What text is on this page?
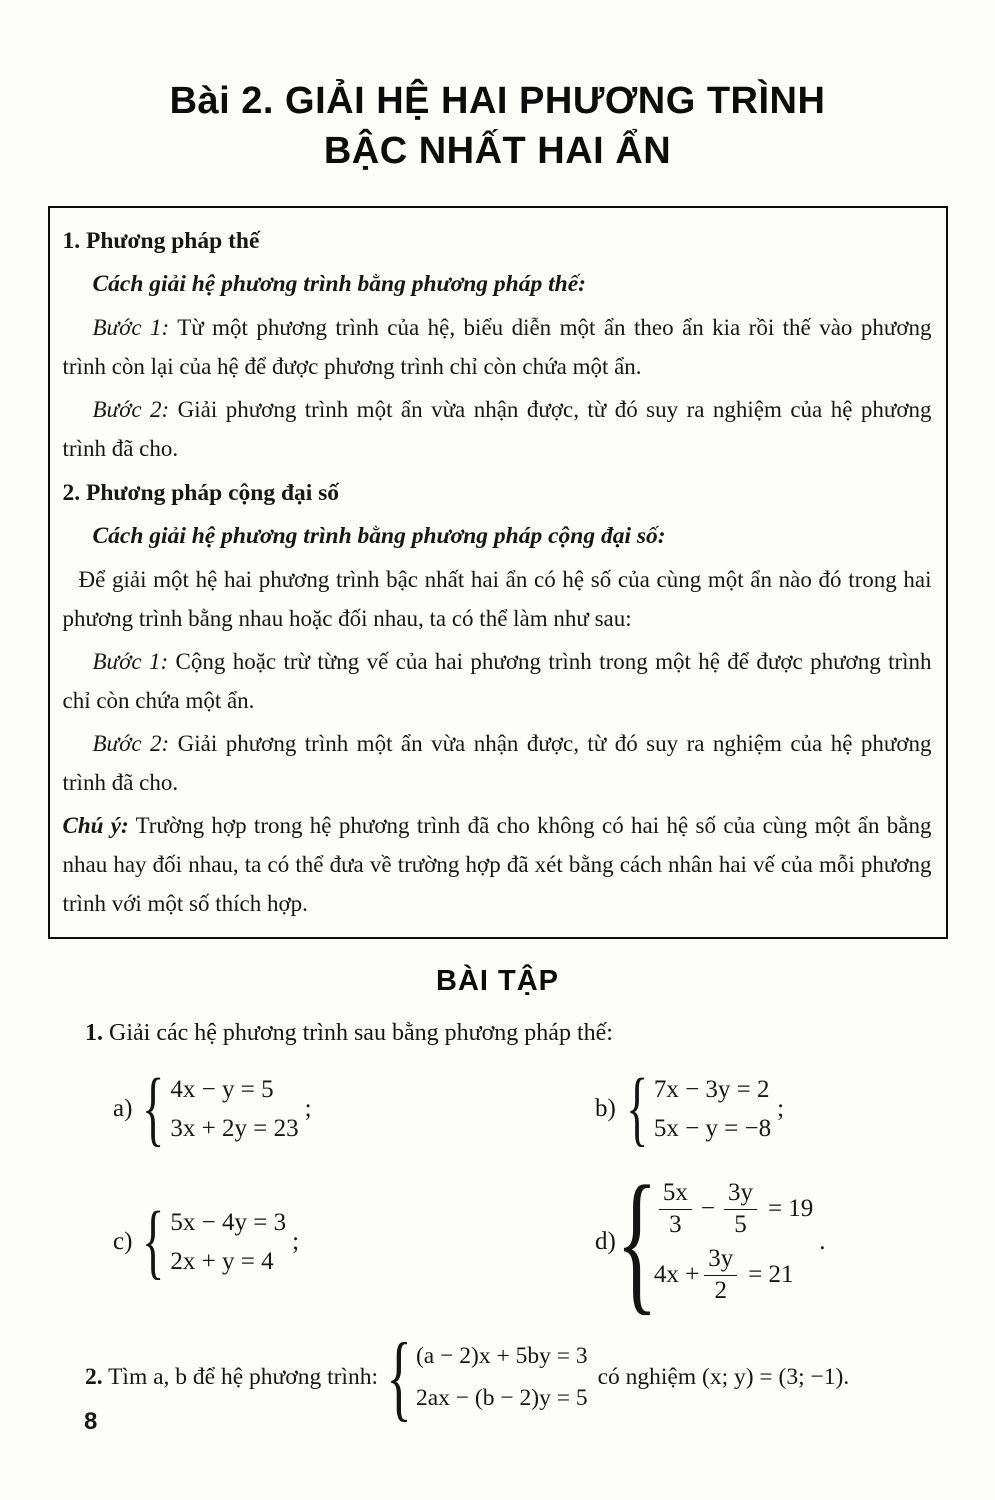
Bài 2. GIẢI HỆ HAI PHƯƠNG TRÌNH
BẬC NHẤT HAI ẨN

1. Phương pháp thế

Cách giải hệ phương trình bằng phương pháp thế:

Bước 1: Từ một phương trình của hệ, biểu diễn một ẩn theo ẩn kia rồi thế vào phương trình còn lại của hệ để được phương trình chỉ còn chứa một ẩn.

Bước 2: Giải phương trình một ẩn vừa nhận được, từ đó suy ra nghiệm của hệ phương trình đã cho.

2. Phương pháp cộng đại số

Cách giải hệ phương trình bằng phương pháp cộng đại số:

Để giải một hệ hai phương trình bậc nhất hai ẩn có hệ số của cùng một ẩn nào đó trong hai phương trình bằng nhau hoặc đối nhau, ta có thể làm như sau:

Bước 1: Cộng hoặc trừ từng vế của hai phương trình trong một hệ để được phương trình chỉ còn chứa một ẩn.

Bước 2: Giải phương trình một ẩn vừa nhận được, từ đó suy ra nghiệm của hệ phương trình đã cho.

Chú ý: Trường hợp trong hệ phương trình đã cho không có hai hệ số của cùng một ẩn bằng nhau hay đối nhau, ta có thể đưa về trường hợp đã xét bằng cách nhân hai vế của mỗi phương trình với một số thích hợp.

BÀI TẬP

1. Giải các hệ phương trình sau bằng phương pháp thế:

a) { 4x − y = 5
3x + 2y = 23
;	b) { 7x − 3y = 2
5x − y = −8
;
c) { 5x − 4y = 3
2x + y = 4
;	d) { $\frac{5x}{3} - \frac{3y}{5} = 19$
$4x + \frac{3y}{2} = 21$
.
2. Tìm a, b để hệ phương trình: { (a − 2)x + 5by = 3
2ax − (b − 2)y = 5
có nghiệm (x; y) = (3; −1).
8
